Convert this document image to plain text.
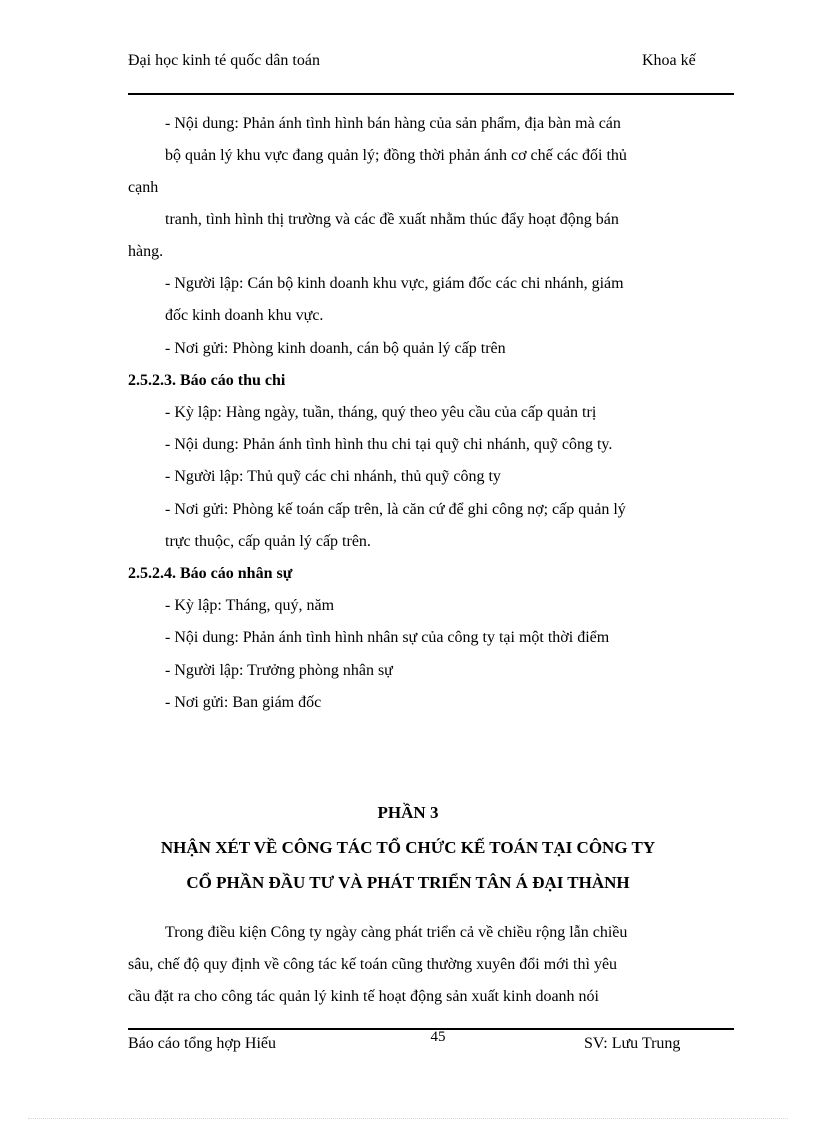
Đại học kinh té quốc dân toán	Khoa kế
- Nội dung: Phản ánh tình hình bán hàng của sản phẩm, địa bàn mà cán
bộ quản lý khu vực đang quản lý; đồng thời phản ánh cơ chế các đối thủ
cạnh
tranh, tình hình thị trường và các đề xuất nhằm thúc đẩy hoạt động bán
hàng.
- Người lập: Cán bộ kinh doanh khu vực, giám đốc các chi nhánh, giám
đốc kinh doanh khu vực.
- Nơi gửi: Phòng kinh doanh, cán bộ quản lý cấp trên
2.5.2.3. Báo cáo thu chi
- Kỳ lập: Hàng ngày, tuần, tháng, quý theo yêu cầu của cấp quản trị
- Nội dung: Phản ánh tình hình thu chi tại quỹ chi nhánh, quỹ công ty.
- Người lập: Thủ quỹ các chi nhánh, thủ quỹ công ty
- Nơi gửi: Phòng kế toán cấp trên, là căn cứ để ghi công nợ; cấp quản lý
trực thuộc, cấp quản lý cấp trên.
2.5.2.4. Báo cáo nhân sự
- Kỳ lập: Tháng, quý, năm
- Nội dung: Phản ánh tình hình nhân sự của công ty tại một thời điểm
- Người lập: Trưởng phòng nhân sự
- Nơi gửi: Ban giám đốc
PHẦN 3
NHẬN XÉT VỀ CÔNG TÁC TỔ CHỨC KẾ TOÁN TẠI CÔNG TY
CỔ PHẦN ĐẦU TƯ VÀ PHÁT TRIỂN TÂN Á ĐẠI THÀNH
Trong điều kiện Công ty ngày càng phát triển cả về chiều rộng lẫn chiều
sâu, chế độ quy định về công tác kế toán cũng thường xuyên đổi mới thì yêu
cầu đặt ra cho công tác quản lý kinh tế hoạt động sản xuất kinh doanh nói
Báo cáo tổng hợp Hiếu	45	SV: Lưu Trung
